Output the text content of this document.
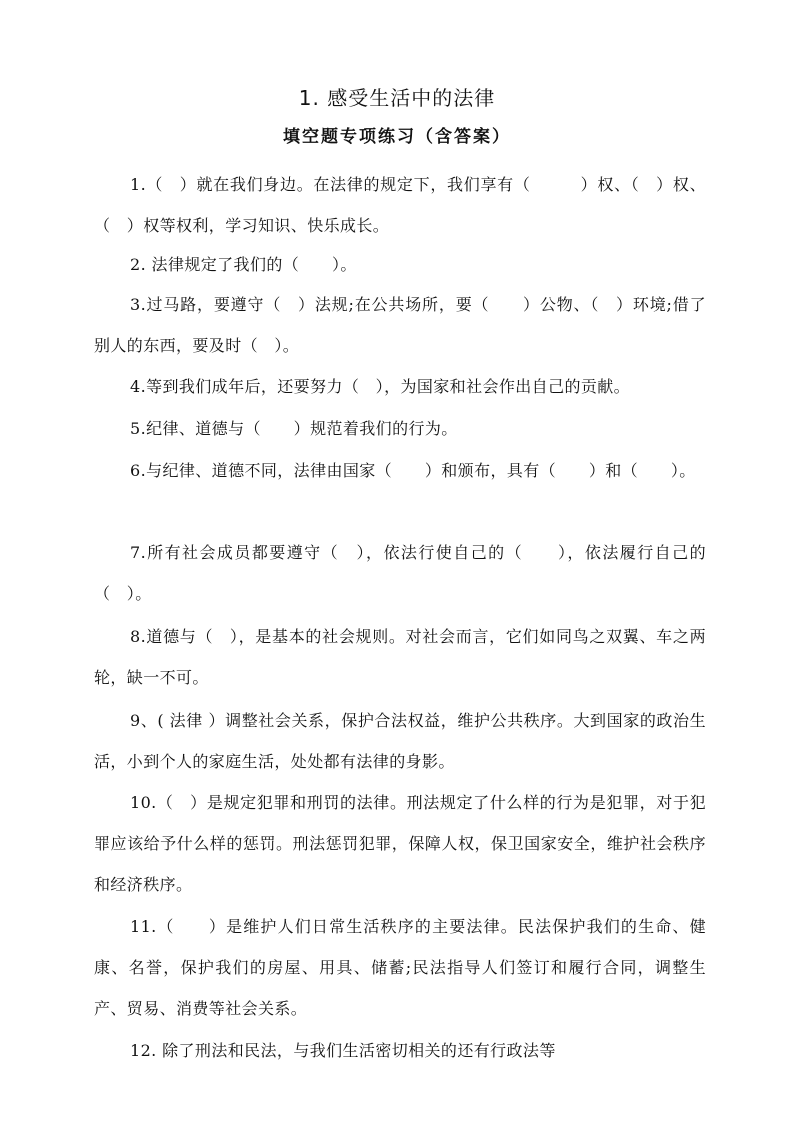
1. 感受生活中的法律
填空题专项练习（含答案）

1.（　）就在我们身边。在法律的规定下，我们享有（　　　）权、（　）权、（　）权等权利，学习知识、快乐成长。

2. 法律规定了我们的（　　）。

3.过马路，要遵守（　）法规;在公共场所，要（　　）公物、（　）环境;借了别人的东西，要及时（　）。

4.等到我们成年后，还要努力（　），为国家和社会作出自己的贡献。

5.纪律、道德与（　　）规范着我们的行为。

6.与纪律、道德不同，法律由国家（　　）和颁布，具有（　　）和（　　）。

7.所有社会成员都要遵守（　），依法行使自己的（　　），依法履行自己的（　）。

8.道德与（　），是基本的社会规则。对社会而言，它们如同鸟之双翼、车之两轮，缺一不可。

9、( 法律 ）调整社会关系，保护合法权益，维护公共秩序。大到国家的政治生活，小到个人的家庭生活，处处都有法律的身影。

10.（　）是规定犯罪和刑罚的法律。刑法规定了什么样的行为是犯罪，对于犯罪应该给予什么样的惩罚。刑法惩罚犯罪，保障人权，保卫国家安全，维护社会秩序和经济秩序。

11.（　　）是维护人们日常生活秩序的主要法律。民法保护我们的生命、健康、名誉，保护我们的房屋、用具、储蓄;民法指导人们签订和履行合同，调整生产、贸易、消费等社会关系。

12. 除了刑法和民法，与我们生活密切相关的还有行政法等
